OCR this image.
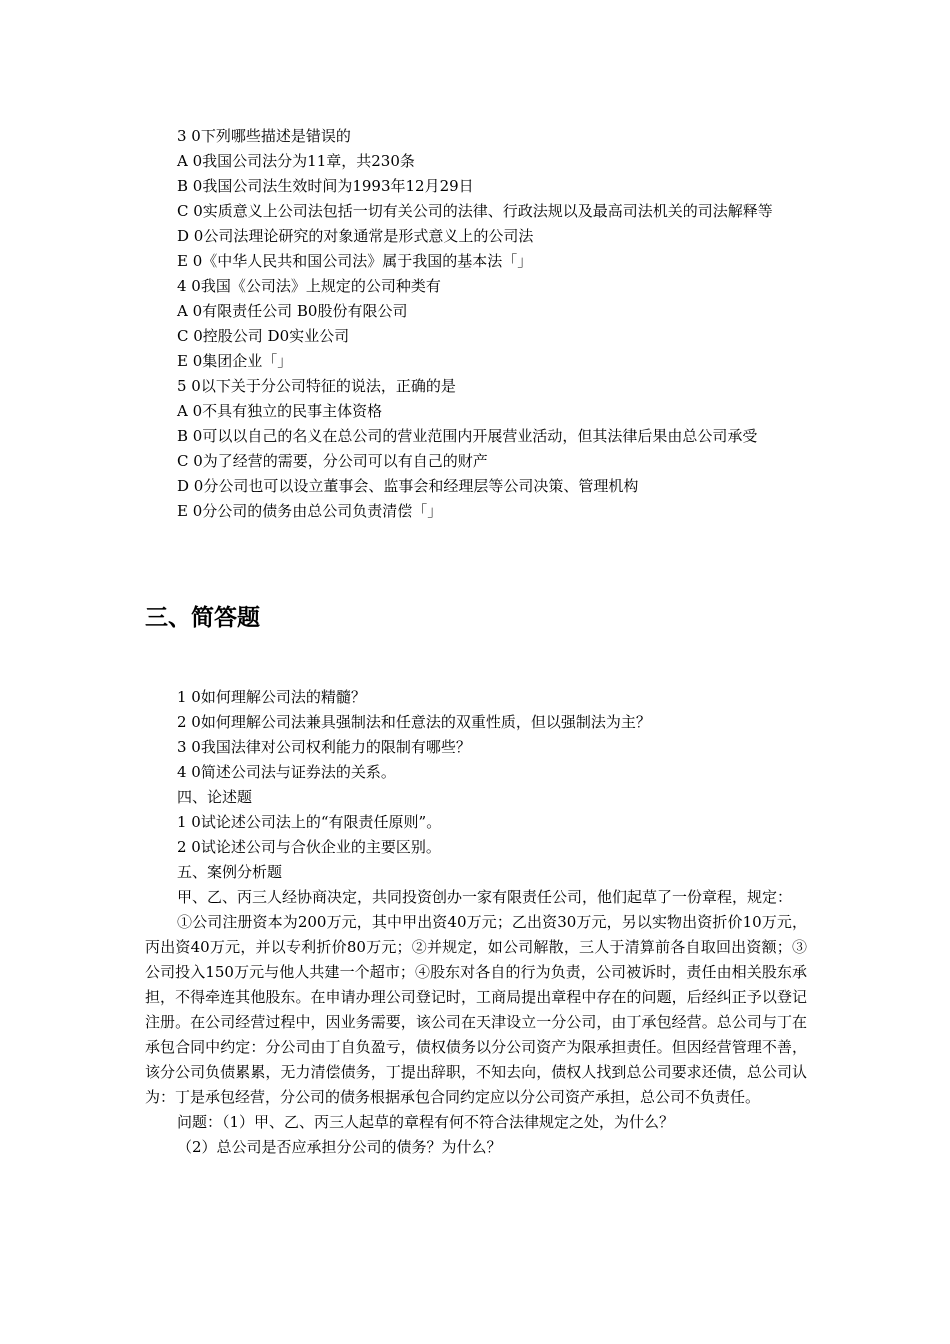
3 0下列哪些描述是错误的

A 0我国公司法分为11章，共230条

B 0我国公司法生效时间为1993年12月29日

C 0实质意义上公司法包括一切有关公司的法律、行政法规以及最高司法机关的司法解释等

D 0公司法理论研究的对象通常是形式意义上的公司法

E 0《中华人民共和国公司法》属于我国的基本法「」

4 0我国《公司法》上规定的公司种类有

A 0有限责任公司 B0股份有限公司

C 0控股公司 D0实业公司

E 0集团企业「」

5 0以下关于分公司特征的说法，正确的是

A 0不具有独立的民事主体资格

B 0可以以自己的名义在总公司的营业范围内开展营业活动，但其法律后果由总公司承受

C 0为了经营的需要，分公司可以有自己的财产

D 0分公司也可以设立董事会、监事会和经理层等公司决策、管理机构

E 0分公司的债务由总公司负责清偿「」

三、简答题

1 0如何理解公司法的精髓？

2 0如何理解公司法兼具强制法和任意法的双重性质，但以强制法为主？

3 0我国法律对公司权利能力的限制有哪些？

4 0简述公司法与证券法的关系。

四、论述题

1 0试论述公司法上的“有限责任原则”。

2 0试论述公司与合伙企业的主要区别。

五、案例分析题

甲、乙、丙三人经协商决定，共同投资创办一家有限责任公司，他们起草了一份章程，规定：

①公司注册资本为200万元，其中甲出资40万元；乙出资30万元，另以实物出资折价10万元，丙出资40万元，并以专利折价80万元；②并规定，如公司解散，三人于清算前各自取回出资额；③公司投入150万元与他人共建一个超市；④股东对各自的行为负责，公司被诉时，责任由相关股东承担，不得牵连其他股东。在申请办理公司登记时，工商局提出章程中存在的问题，后经纠正予以登记注册。在公司经营过程中，因业务需要，该公司在天津设立一分公司，由丁承包经营。总公司与丁在承包合同中约定：分公司由丁自负盈亏，债权债务以分公司资产为限承担责任。但因经营管理不善，该分公司负债累累，无力清偿债务，丁提出辞职，不知去向，债权人找到总公司要求还债，总公司认为：丁是承包经营，分公司的债务根据承包合同约定应以分公司资产承担，总公司不负责任。

问题：（1）甲、乙、丙三人起草的章程有何不符合法律规定之处，为什么？

（2）总公司是否应承担分公司的债务？为什么？
